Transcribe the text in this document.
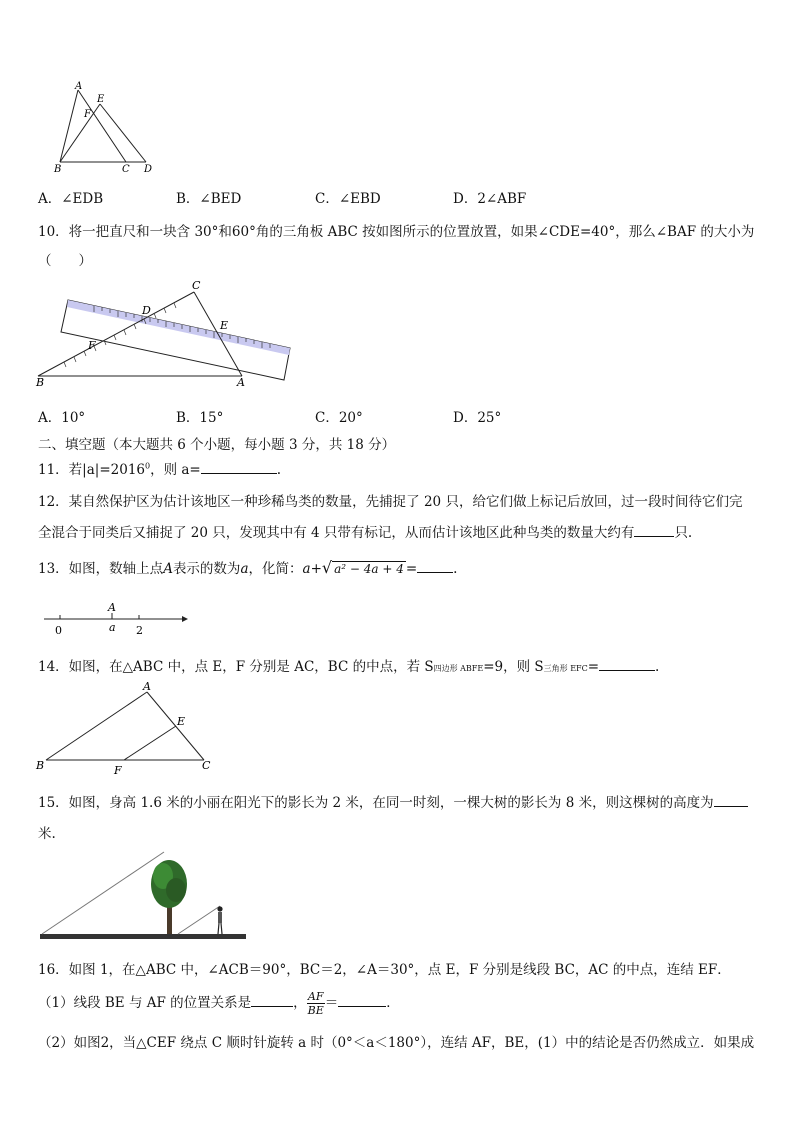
A
E
F
B	C D
A．∠EDB	B．∠BED	C．∠EBD	D．2∠ABF
10．将一把直尺和一块含 30°和60°角的三角板 ABC 按如图所示的位置放置，如果∠CDE=40°，那么∠BAF 的大小为
（　　）
C
D
E
F
B	A
A．10°	B．15°	C．20°	D．25°
二、填空题（本大题共 6 个小题，每小题 3 分，共 18 分）
11．若$|a|=2016^0$，则 a=	.
12．某自然保护区为估计该地区一种珍稀鸟类的数量，先捕捉了 20 只，给它们做上标记后放回，过一段时间待它们完
全混合于同类后又捕捉了 20 只，发现其中有 4 只带有标记，从而估计该地区此种鸟类的数量大约有	只.
13．如图，数轴上点A表示的数为a，化简：a+√ a² − 4a + 4 =	.
A
0	a 2
14．如图，在△ABC 中，点 E，F 分别是 AC，BC 的中点，若 S四边形 ABFE=9，则 S三角形 EFC=	.
A
E
B	F	C
15．如图，身高 1.6 米的小丽在阳光下的影长为 2 米，在同一时刻，一棵大树的影长为 8 米，则这棵树的高度为
米.
16．如图 1，在△ABC 中，∠ACB＝90°，BC＝2，∠A＝30°，点 E，F 分别是线段 BC，AC 的中点，连结 EF．
（1）线段 BE 与 AF 的位置关系是	， $\frac{AF}{BE}$ ＝	．
（2）如图2，当△CEF 绕点 C 顺时针旋转 a 时（0°＜a＜180°），连结 AF，BE，(1）中的结论是否仍然成立．如果成
